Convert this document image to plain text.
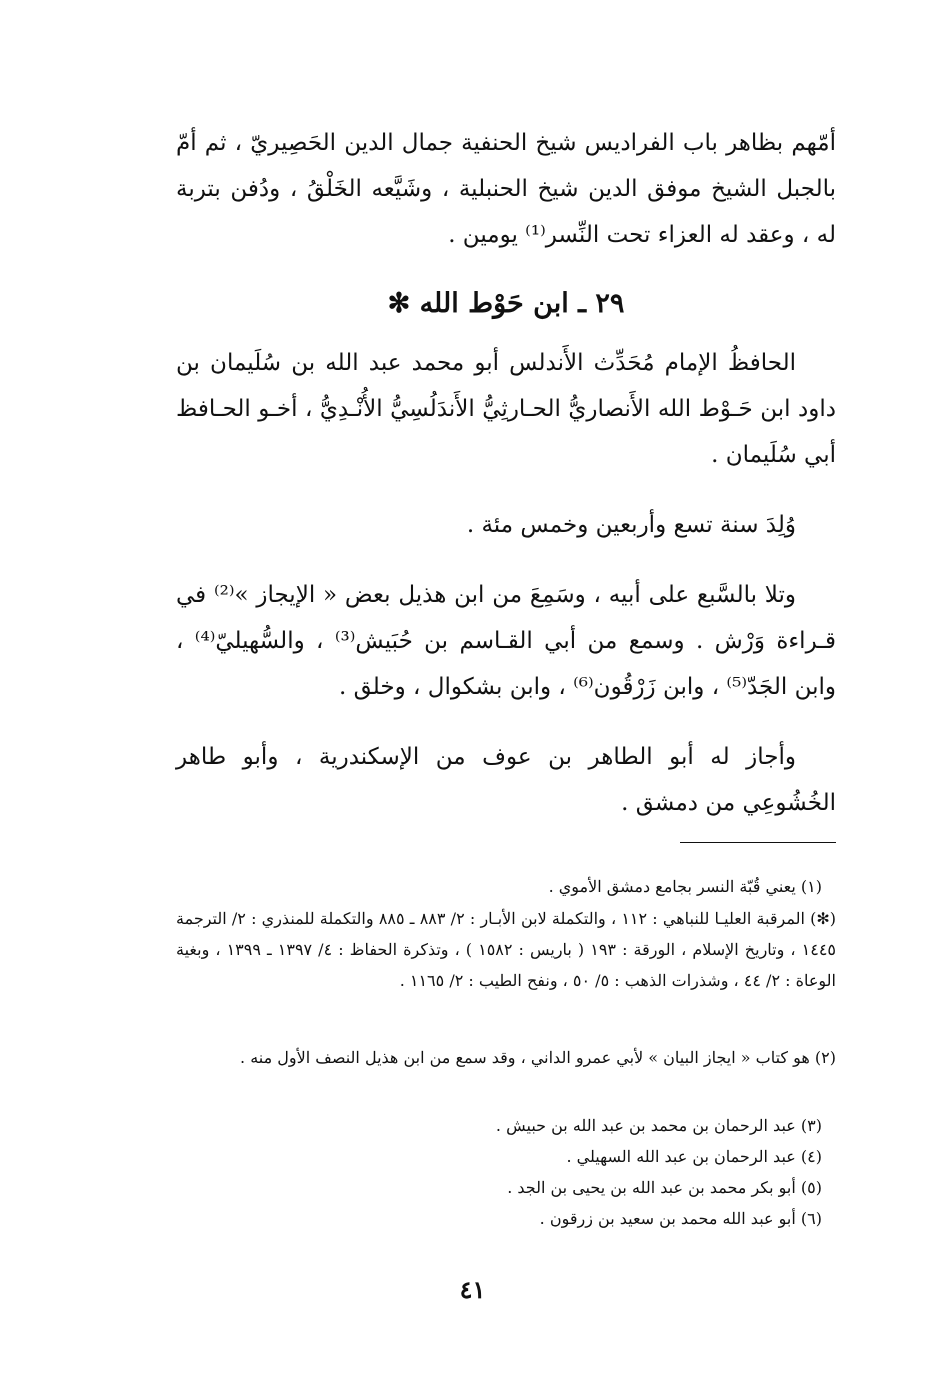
أمّهم بظاهر باب الفراديس شيخ الحنفية جمال الدين الحَصِيريّ ، ثم أمّ بالجبل الشيخ موفق الدين شيخ الحنبلية ، وشَيَّعه الخَلْقُ ، ودُفن بتربة له ، وعقد له العزاء تحت النِّسر⁽¹⁾ يومين .
٢٩ ـ ابن حَوْط الله ✻
الحافظُ الإمام مُحَدِّث الأَندلس أبو محمد عبد الله بن سُلَيمان بن داود ابن حَـوْط الله الأَنصاريُّ الحـارثِيُّ الأَندَلُسِيُّ الأُنْـدِيُّ ، أخـو الحـافظ أبي سُلَيمان .
وُلِدَ سنة تسع وأربعين وخمس مئة .
وتلا بالسَّبع على أبيه ، وسَمِعَ من ابن هذيل بعض « الإيجاز »⁽²⁾ في قـراءة وَرْش . وسمع من أبي القـاسم بن حُبَيش⁽³⁾ ، والسُّهيليّ⁽⁴⁾ ، وابن الجَدّ⁽⁵⁾ ، وابن زَرْقُون⁽⁶⁾ ، وابن بشكوال ، وخلق .
وأجاز له أبو الطاهر بن عوف من الإسكندرية ، وأبو طاهر الخُشُوعِي من دمشق .
(١) يعني قُبّة النسر بجامع دمشق الأموي .
(✻) المرقبة العليـا للنباهي : ١١٢ ، والتكملة لابن الأبـار : ٢/ ٨٨٣ ـ ٨٨٥ والتكملة للمنذري : ٢/ الترجمة ١٤٤٥ ، وتاريخ الإسلام ، الورقة : ١٩٣ ( باريس : ١٥٨٢ ) ، وتذكرة الحفاظ : ٤/ ١٣٩٧ ـ ١٣٩٩ ، وبغية الوعاة : ٢/ ٤٤ ، وشذرات الذهب : ٥/ ٥٠ ، ونفح الطيب : ٢/ ١١٦٥ .
(٢) هو كتاب « ايجاز البيان » لأبي عمرو الداني ، وقد سمع من ابن هذيل النصف الأول منه .
(٣) عبد الرحمان بن محمد بن عبد الله بن حبيش .
(٤) عبد الرحمان بن عبد الله السهيلي .
(٥) أبو بكر محمد بن عبد الله بن يحيى بن الجد .
(٦) أبو عبد الله محمد بن سعيد بن زرقون .
٤١
